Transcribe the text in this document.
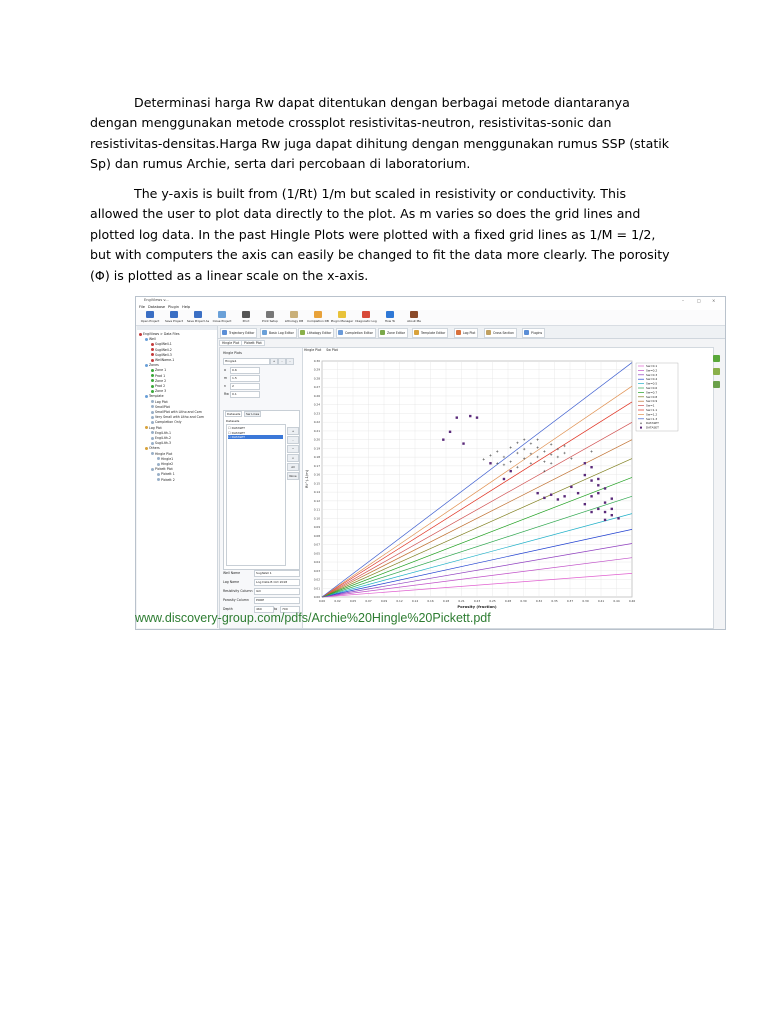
Determinasi harga Rw dapat ditentukan dengan berbagai metode diantaranya dengan menggunakan metode crossplot resistivitas-neutron, resistivitas-sonic dan resistivitas-densitas.Harga Rw juga dapat dihitung dengan menggunakan rumus SSP (statik Sp) dan rumus Archie, serta dari percobaan di laboratorium.

The y-axis is built from (1/Rt) 1/m but scaled in resistivity or conductivity. This allowed the user to plot data directly to the plot. As m varies so does the grid lines and plotted log data. In the past Hingle Plots were plotted with a fixed grid lines as 1/M = 1/2, but with computers the axis can easily be changed to fit the data more clearly. The porosity (Φ) is plotted as a linear scale on the x-axis.

EngiViews v...	–	□	×
File Database Plugin Help
Open Project	Save Project	Save Project As	Close Project	Print	Print Setup	Lithology DB	Completion DB Plugin Manager Diagnostic Log	How To	About Me
EngiViews > Data Files
Well
SugiWell-1
SugiWell-2
SugiWell-3
WellName-1
Zones
Zone 1
Prod 1
Zone 2
Prod 2
Zone 3
Template
Log Plot
SmallPlot
SmallPlot with Litho and Com
Very Small with Litho and Com
Completion Only
Log Plot
EngiLith-1
EngiLith-2
SugiLith-3
Others
Hingle Plot
Hingle1
Hingle2
Pickett Plot
Pickett 1
Pickett 2
Trajectory Editor	Basic Log Editor	Lithology Editor	Completion Editor	Zone Editor	Template Editor	Log Plot	Cross Section	Plugins
Hingle Plot	Pickett Plot
Hingle Plots
Hingle1	+	-	..
a 0.6
m 1.5
n 2
Rw 0.1
Datasets	Sw Lines
Datasets
☐ DATASET
☐ DATASET
☐ DATASET
+
-
^
v
All
None
Well Name	SugiWell 1
Log Name	Log Data B Oct 2018
Resistivity Column ILD
Porosity Column PORE
Depth	460	to 700
Hingle Plot Sw Plot
0.00	0.02	0.05	0.07	0.09	0.12	0.14	0.16	0.18	0.21	0.23	0.25	0.28	0.30	0.32	0.35	0.37	0.39	0.41	0.44	0.46
0.00
0.01
0.02
0.03
0.04
0.05
0.07
0.08
0.09
0.10
0.11
0.12
0.14
0.15
0.16
0.17
0.18
0.19
0.20
0.21
0.22
0.23
0.24
0.26
0.27
0.28
0.29
0.30
Porosity (fraction)
Rt^(-1/m)
Sw=0.1
Sw=0.2
Sw=0.3
Sw=0.4
Sw=0.5
Sw=0.6
Sw=0.7
Sw=0.8
Sw=0.9
Sw=1
Sw=1.1
Sw=1.2
Sw=1.3
DATASET
DATASET
www.discovery-group.com/pdfs/Archie%20Hingle%20Pickett.pdf
